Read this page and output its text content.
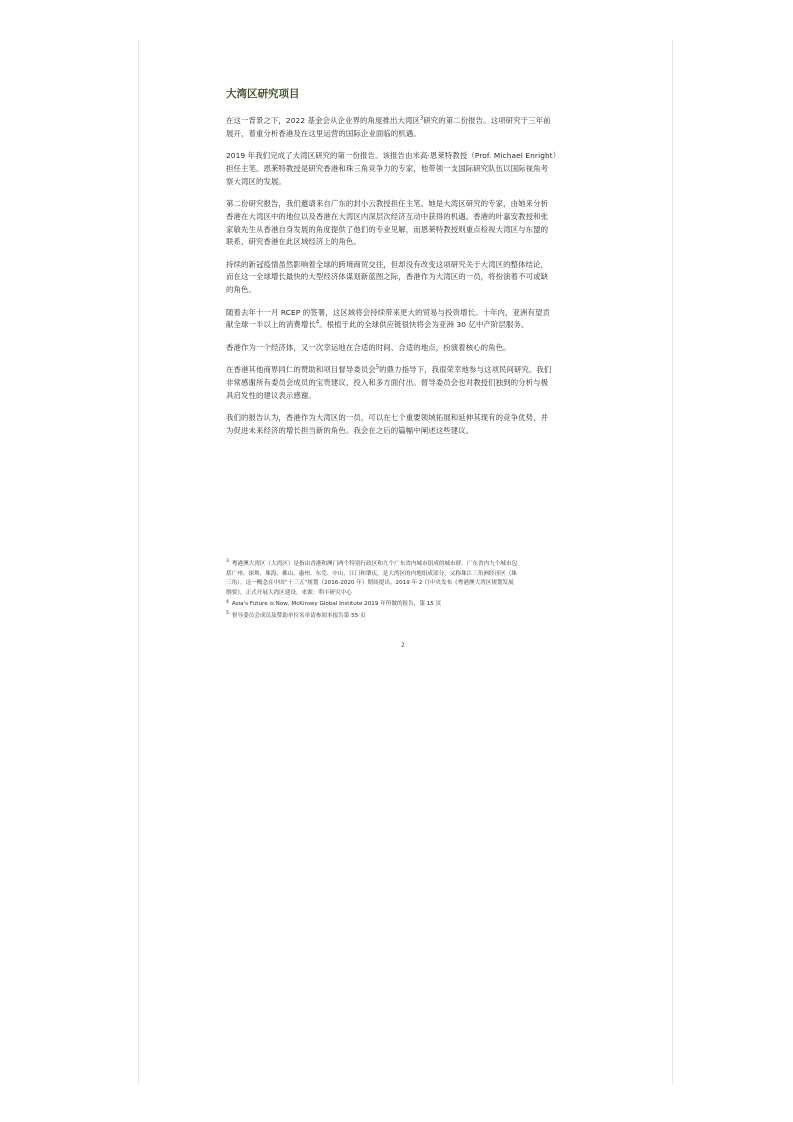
大湾区研究项目

在这一背景之下，2022 基金会从企业界的角度推出大湾区$^3$研究的第二份报告。这项研究于三年前
展开，着重分析香港及在这里运营的国际企业面临的机遇。

2019 年我们完成了大湾区研究的第一份报告。该报告由米高·恩莱特教授（Prof. Michael Enright）
担任主笔。恩莱特教授是研究香港和珠三角竞争力的专家，他带领一支国际研究队伍以国际视角考
察大湾区的发展。

第二份研究报告，我们邀请来自广东的封小云教授担任主笔。她是大湾区研究的专家，由她来分析
香港在大湾区中的地位以及香港在大湾区内深层次经济互动中获得的机遇。香港的叶嘉安教授和张
家敏先生从香港自身发展的角度提供了他们的专业见解，而恩莱特教授则重点检视大湾区与东盟的
联系，研究香港在此区域经济上的角色。

持续的新冠疫情虽然影响着全球的跨境商贸交往，但却没有改变这项研究关于大湾区的整体结论，
而在这一全球增长最快的大型经济体谋划新蓝图之际，香港作为大湾区的一员，将扮演着不可或缺
的角色。

随着去年十一月 RCEP 的签署，这区域将会持续带来更大的贸易与投资增长。十年内，亚洲有望贡
献全球一半以上的消费增长$^4$。根植于此的全球供应链很快将会为亚洲 30 亿中产阶层服务。

香港作为一个经济体，又一次幸运地在合适的时间、合适的地点，扮演着核心的角色。

在香港其他商界同仁的赞助和项目督导委员会$^5$的鼎力指导下，我很荣幸地参与这项民间研究。我们
非常感谢所有委员会成员的宝贵建议、投入和多方面付出。督导委员会也对教授们独到的分析与极
具启发性的建议表示感谢。

我们的报告认为，香港作为大湾区的一员，可以在七个重要领域拓展和延伸其现有的竞争优势，并
为促进未来经济的增长担当新的角色。我会在之后的篇幅中阐述这些建议。

$^3$ 粤港澳大湾区（大湾区）是指由香港和澳门两个特别行政区和九个广东省内城市组成的城市群。广东省内九个城市包
括广州、深圳、珠海、佛山、惠州、东莞、中山、江门和肇庆，是大湾区的内地组成部分，又称珠江三角洲经济区（珠
三角）。这一概念在中国“十三五”规划（2016-2020 年）期间提出。2019 年 2 月中央发布《粤港澳大湾区规划发展
纲要》，正式开展大湾区建设。来源：利丰研究中心
$^4$ Asia's Future is Now, McKinsey Global Institute 2019 年所做的报告，第 15 页
$^5$ 督导委员会成员及赞助单位名单请参阅本报告第 55 页
2
